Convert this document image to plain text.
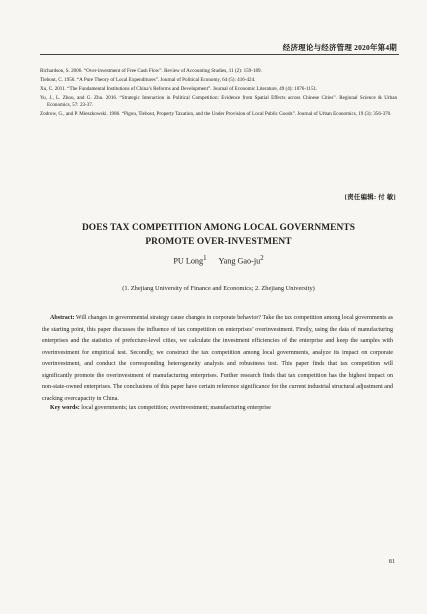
经济理论与经济管理 2020年第4期

Richardson, S. 2006. “Over-investment of Free Cash Flow”. Review of Accounting Studies, 11 (2): 159-189.

Tiebout, C. 1956. “A Pure Theory of Local Expenditures”. Journal of Political Economy, 64 (5): 416-424.

Xu, C. 2011. “The Fundamental Institutions of China’s Reforms and Development”. Journal of Economic Literature, 49 (4): 1076-1151.

Yu, J., L. Zhou, and G. Zhu. 2016. “Strategic Interaction in Political Competition: Evidence from Spatial Effects across Chinese Cities”. Regional Science & Urban Economics, 57: 23-37.

Zodrow, G., and P. Mieszkowski. 1986. “Pigou, Tiebout, Property Taxation, and the Under Provision of Local Public Goods”. Journal of Urban Economics, 19 (3): 356-370.

[责任编辑: 付 敏]
DOES TAX COMPETITION AMONG LOCAL GOVERNMENTS
PROMOTE OVER-INVESTMENT
PU Long$^1$ Yang Gao-$ju^2$
(1. Zhejiang University of Finance and Economics; 2. Zhejiang University)
Abstract: Will changes in governmental strategy cause changes in corporate behavior? Take the tax competition among local governments as the starting point, this paper discusses the influence of tax competition on enterprises’ overinvestment. Firstly, using the data of manufacturing enterprises and the statistics of prefecture-level cities, we calculate the investment efficiencies of the enterprise and keep the samples with overinvestment for empirical test. Secondly, we construct the tax competition among local governments, analyze its impact on corporate overinvestment, and conduct the corresponding heterogeneity analysis and robustness test. This paper finds that tax competition will significantly promote the overinvestment of manufacturing enterprises. Further research finds that tax competition has the highest impact on non-state-owned enterprises. The conclusions of this paper have certain reference significance for the current industrial structural adjustment and cracking overcapacity in China.
Key words: local governments; tax competition; overinvestment; manufacturing enterprise
81
